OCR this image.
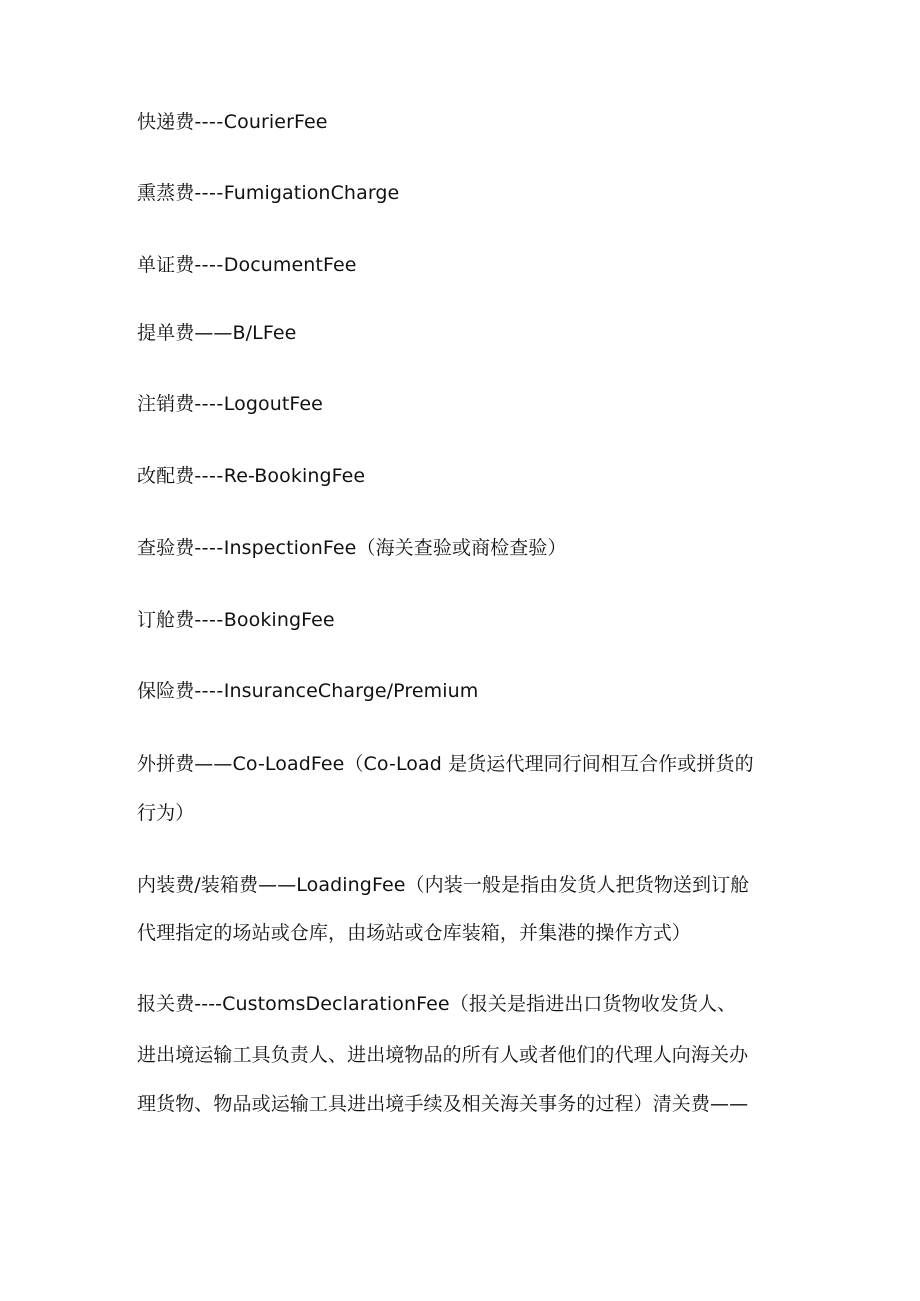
快递费----CourierFee
熏蒸费----FumigationCharge
单证费----DocumentFee
提单费——B/LFee
注销费----LogoutFee
改配费----Re-BookingFee
查验费----InspectionFee（海关查验或商检查验）
订舱费----BookingFee
保险费----InsuranceCharge/Premium
外拼费——Co-LoadFee（Co-Load 是货运代理同行间相互合作或拼货的
行为）
内装费/装箱费——LoadingFee（内装一般是指由发货人把货物送到订舱
代理指定的场站或仓库，由场站或仓库装箱，并集港的操作方式）
报关费----CustomsDeclarationFee（报关是指进出口货物收发货人、
进出境运输工具负责人、进出境物品的所有人或者他们的代理人向海关办
理货物、物品或运输工具进出境手续及相关海关事务的过程）清关费——
